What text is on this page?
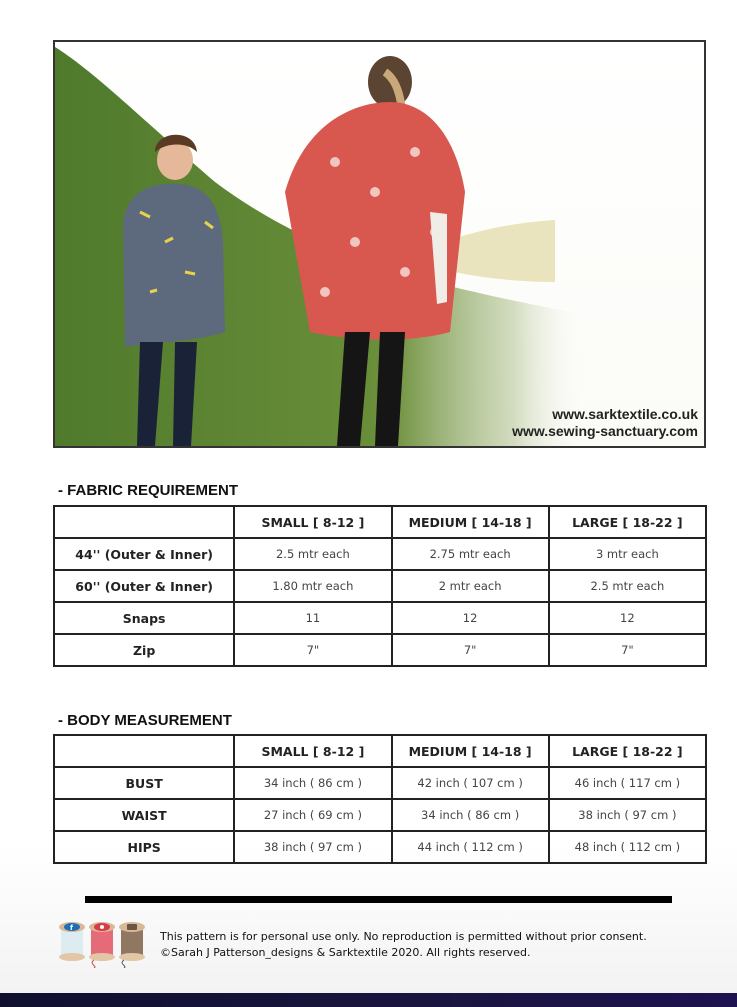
www.sarktextile.co.uk
www.sewing-sanctuary.com
- FABRIC REQUIREMENT
	SMALL [ 8-12 ]	MEDIUM [ 14-18 ]	LARGE [ 18-22 ]
44'' (Outer & Inner)	2.5 mtr each	2.75 mtr each	3 mtr each
60'' (Outer & Inner)	1.80 mtr each	2 mtr each	2.5 mtr each
Snaps	11	12	12
Zip	7"	7"	7"
- BODY MEASUREMENT
	SMALL [ 8-12 ]	MEDIUM [ 14-18 ]	LARGE [ 18-22 ]
BUST	34 inch ( 86 cm )	42 inch ( 107 cm )	46 inch ( 117 cm )
WAIST	27 inch ( 69 cm )	34 inch ( 86 cm )	38 inch ( 97 cm )
HIPS	38 inch ( 97 cm )	44 inch ( 112 cm )	48 inch ( 112 cm )
f
This pattern is for personal use only. No reproduction is permitted without prior consent.
©Sarah J Patterson_designs & Sarktextile 2020. All rights reserved.
